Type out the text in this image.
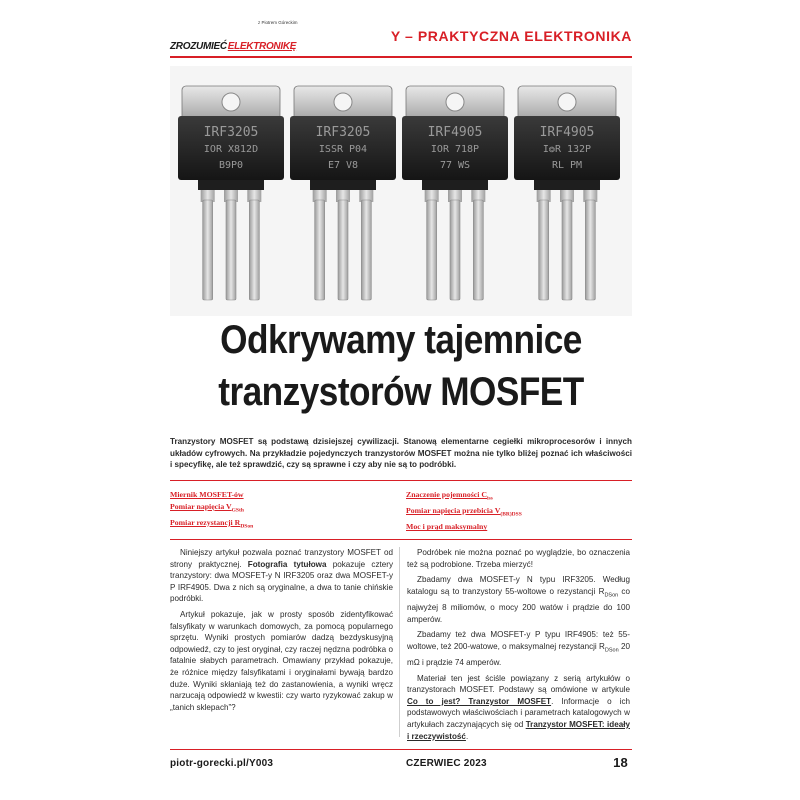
ZROZUMIEĆ ELEKTRONIKĘ
z Piotrem Góreckim
Y – PRAKTYCZNA ELEKTRONIKA
IRF3205
IOR X812D
B9P0
IRF3205
ISSR P04
E7 V8
IRF4905
IOR 718P
77 WS
IRF4905
I❂R 132P
RL PM
Odkrywamy tajemnice
tranzystorów MOSFET
Tranzystory MOSFET są podstawą dzisiejszej cywilizacji. Stanową elementarne cegiełki mikroprocesorów i innych układów cyfrowych. Na przykładzie pojedynczych tranzystorów MOSFET można nie tylko bliżej poznać ich właściwości i specyfikę, ale też sprawdzić, czy są sprawne i czy aby nie są to podróbki.
Miernik MOSFET-ów
Pomiar napięcia $V_{GSth}$
Pomiar rezystancji $R_{DSon}$
Znaczenie pojemności $C_{iss}$
Pomiar napięcia przebicia $V_{(BR)DSS}$
Moc i prąd maksymalny

Niniejszy artykuł pozwala poznać tranzystory MOSFET od strony praktycznej. Fotografia tytułowa pokazuje cztery tranzystory: dwa MOSFET-y N IRF3205 oraz dwa MOSFET-y P IRF4905. Dwa z nich są oryginalne, a dwa to tanie chińskie podróbki.

Artykuł pokazuje, jak w prosty sposób zidentyfikować falsyfikaty w warunkach domowych, za pomocą popularnego sprzętu. Wyniki prostych pomiarów dadzą bezdyskusyjną odpowiedź, czy to jest oryginał, czy raczej nędzna podróbka o fatalnie słabych parametrach. Omawiany przykład pokazuje, że różnice między falsyfikatami i oryginałami bywają bardzo duże. Wyniki skłaniają też do zastanowienia, a wyniki wręcz narzucają odpowiedź w kwestii: czy warto ryzykować zakup w „tanich sklepach”?

Podróbek nie można poznać po wyglądzie, bo oznaczenia też są podrobione. Trzeba mierzyć!

Zbadamy dwa MOSFET-y N typu IRF3205. Według katalogu są to tranzystory 55-woltowe o rezystancji $R_{DSon}$ co najwyżej 8 miliomów, o mocy 200 watów i prądzie do 100 amperów.

Zbadamy też dwa MOSFET-y P typu IRF4905: też 55-woltowe, też 200-watowe, o maksymalnej rezystancji $R_{DSon}$ 20 mΩ i prądzie 74 amperów.

Materiał ten jest ściśle powiązany z serią artykułów o tranzystorach MOSFET. Podstawy są omówione w artykule Co to jest? Tranzystor MOSFET. Informacje o ich podstawowych właściwościach i parametrach katalogowych w artykułach zaczynających się od Tranzystor MOSFET: ideały i rzeczywistość.

piotr-gorecki.pl/Y003	CZERWIEC 2023	18
